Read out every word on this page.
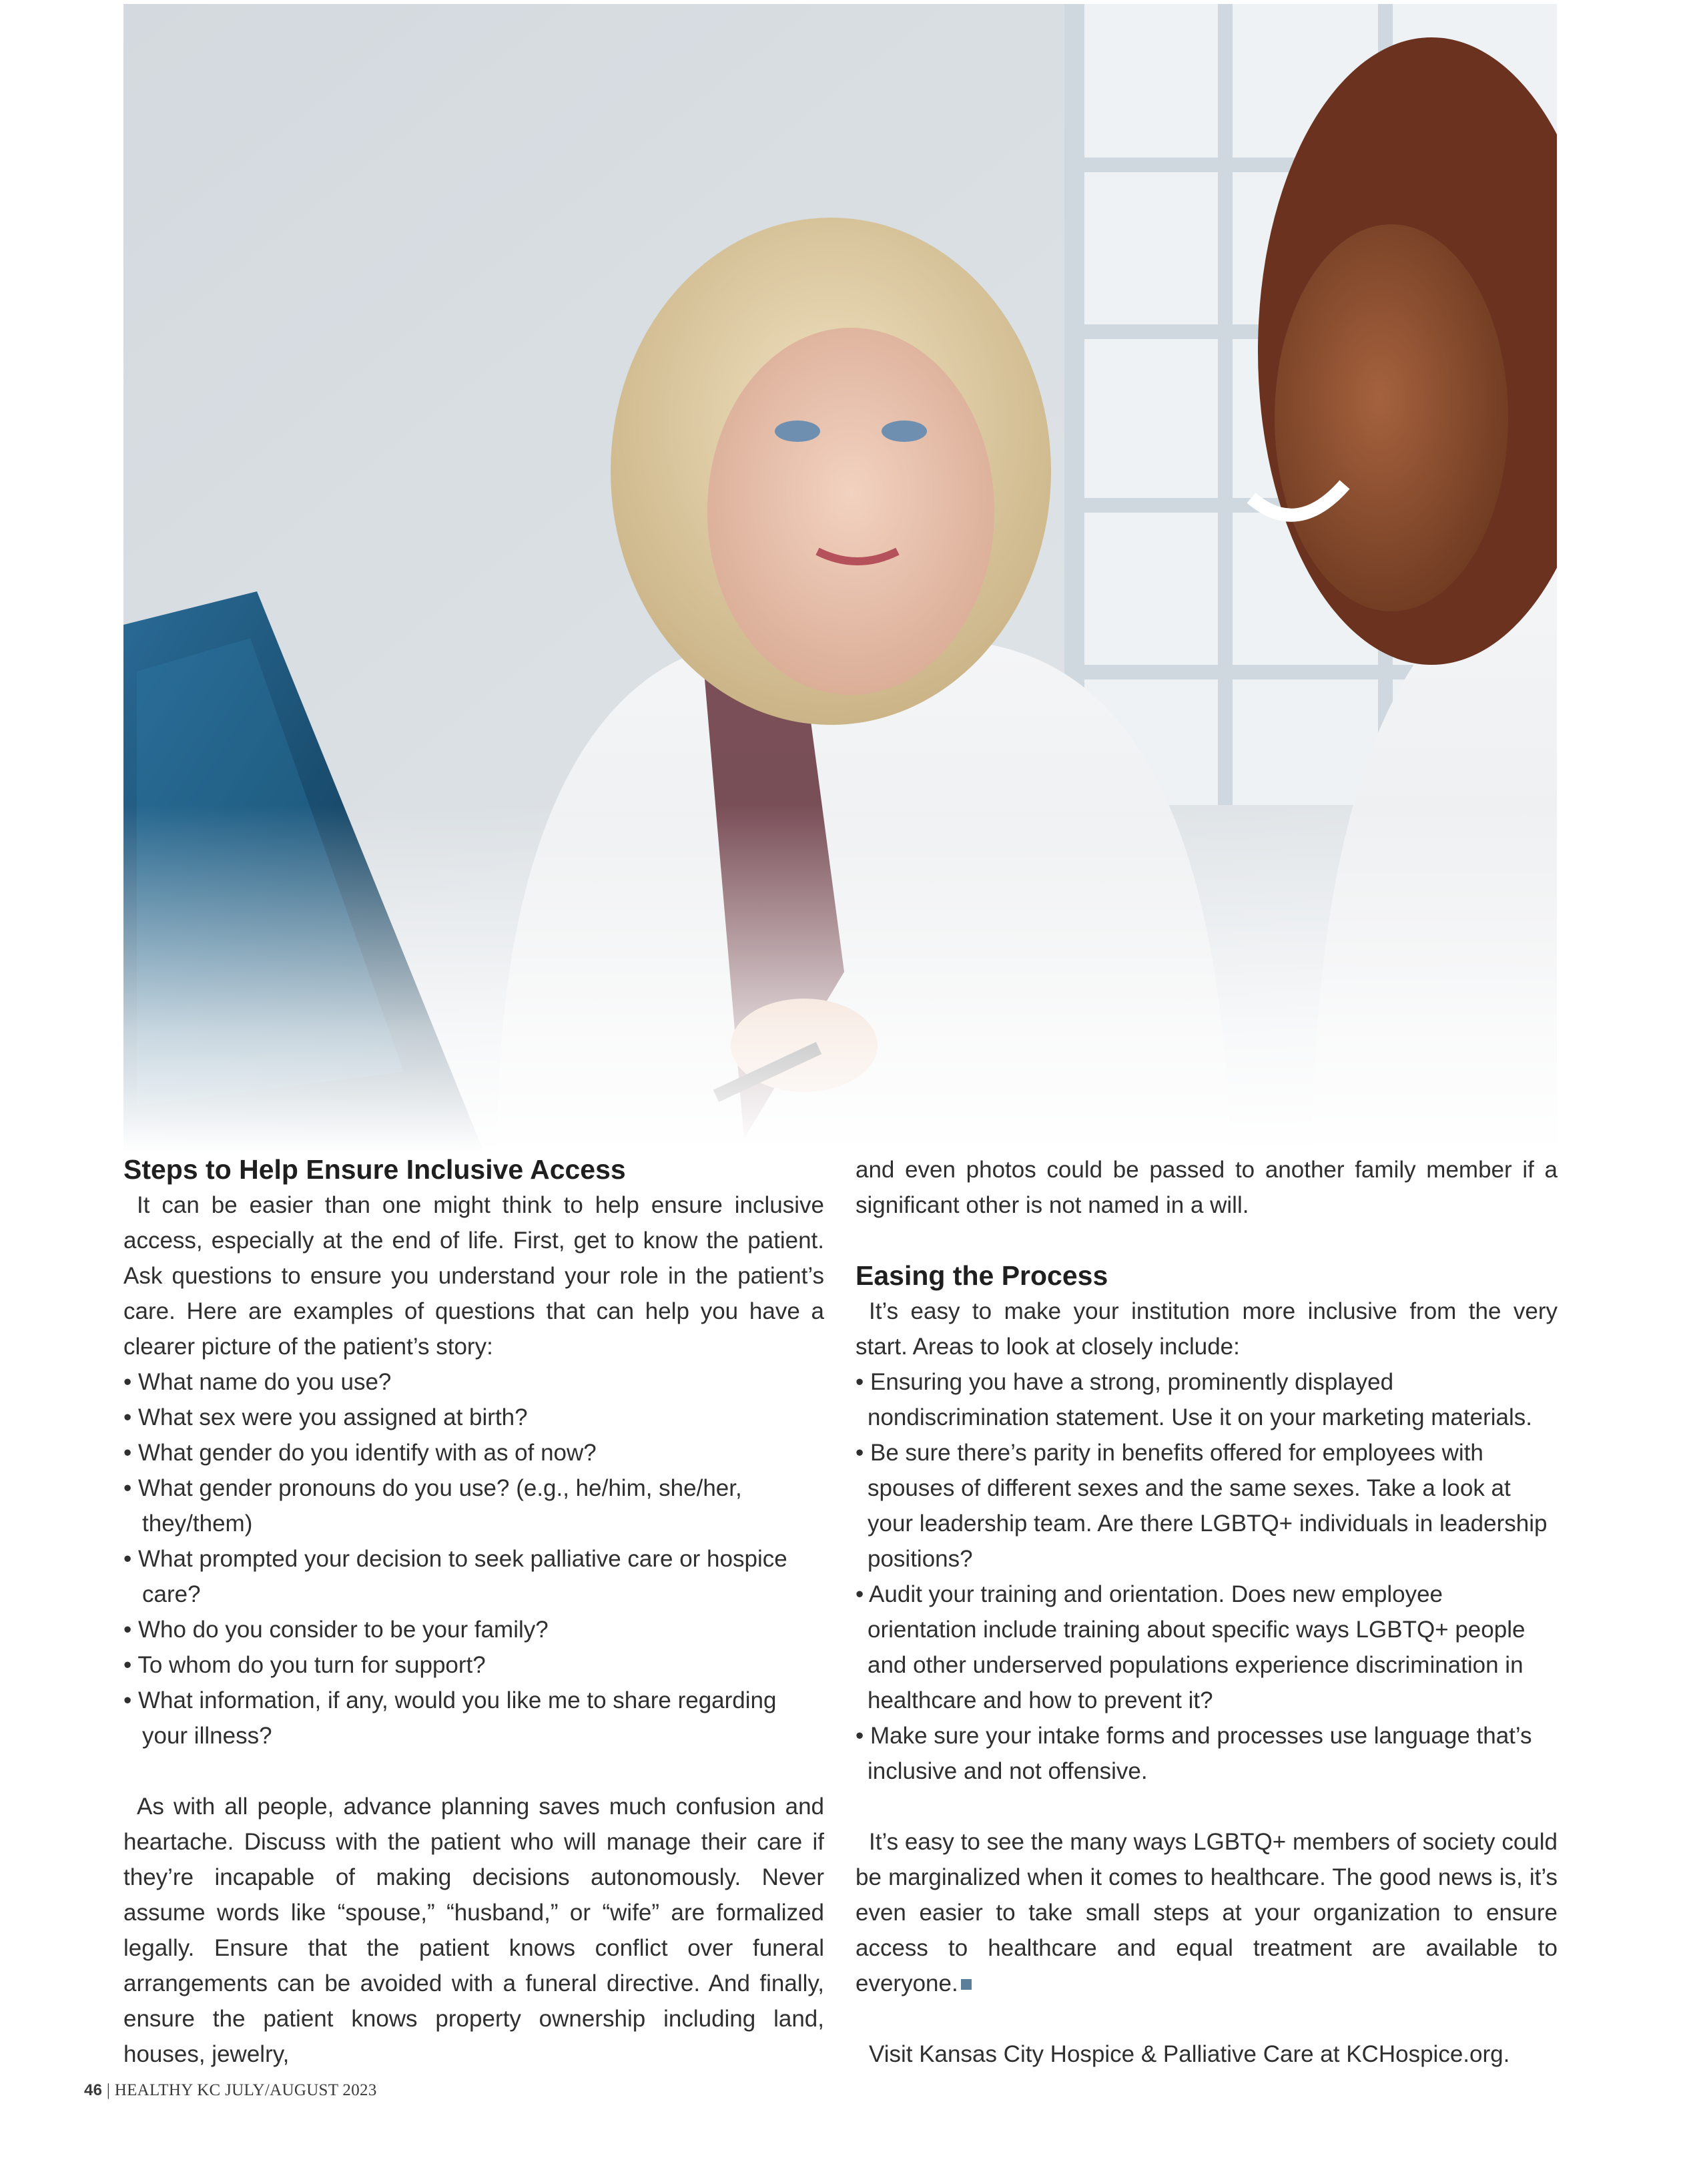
Steps to Help Ensure Inclusive Access

It can be easier than one might think to help ensure inclusive access, especially at the end of life. First, get to know the patient. Ask questions to ensure you understand your role in the patient’s care. Here are examples of questions that can help you have a clearer picture of the patient’s story:

• What name do you use?

• What sex were you assigned at birth?

• What gender do you identify with as of now?

• What gender pronouns do you use? (e.g., he/him, she/her, they/them)

• What prompted your decision to seek palliative care or hospice care?

• Who do you consider to be your family?

• To whom do you turn for support?

• What information, if any, would you like me to share regarding your illness?

As with all people, advance planning saves much confusion and heartache. Discuss with the patient who will manage their care if they’re incapable of making decisions autonomously. Never assume words like “spouse,” “husband,” or “wife” are formalized legally. Ensure that the patient knows conflict over funeral arrangements can be avoided with a funeral directive. And finally, ensure the patient knows property ownership including land, houses, jewelry,

and even photos could be passed to another family member if a significant other is not named in a will.

Easing the Process

It’s easy to make your institution more inclusive from the very start. Areas to look at closely include:

• Ensuring you have a strong, prominently displayed nondiscrimination statement. Use it on your marketing materials.

• Be sure there’s parity in benefits offered for employees with spouses of different sexes and the same sexes. Take a look at your leadership team. Are there LGBTQ+ individuals in leadership positions?

• Audit your training and orientation. Does new employee orientation include training about specific ways LGBTQ+ people and other underserved populations experience discrimination in healthcare and how to prevent it?

• Make sure your intake forms and processes use language that’s inclusive and not offensive.

It’s easy to see the many ways LGBTQ+ members of society could be marginalized when it comes to healthcare. The good news is, it’s even easier to take small steps at your organization to ensure access to healthcare and equal treatment are available to everyone.

Visit Kansas City Hospice & Palliative Care at KCHospice.org.

46 | HEALTHY KC JULY/AUGUST 2023
